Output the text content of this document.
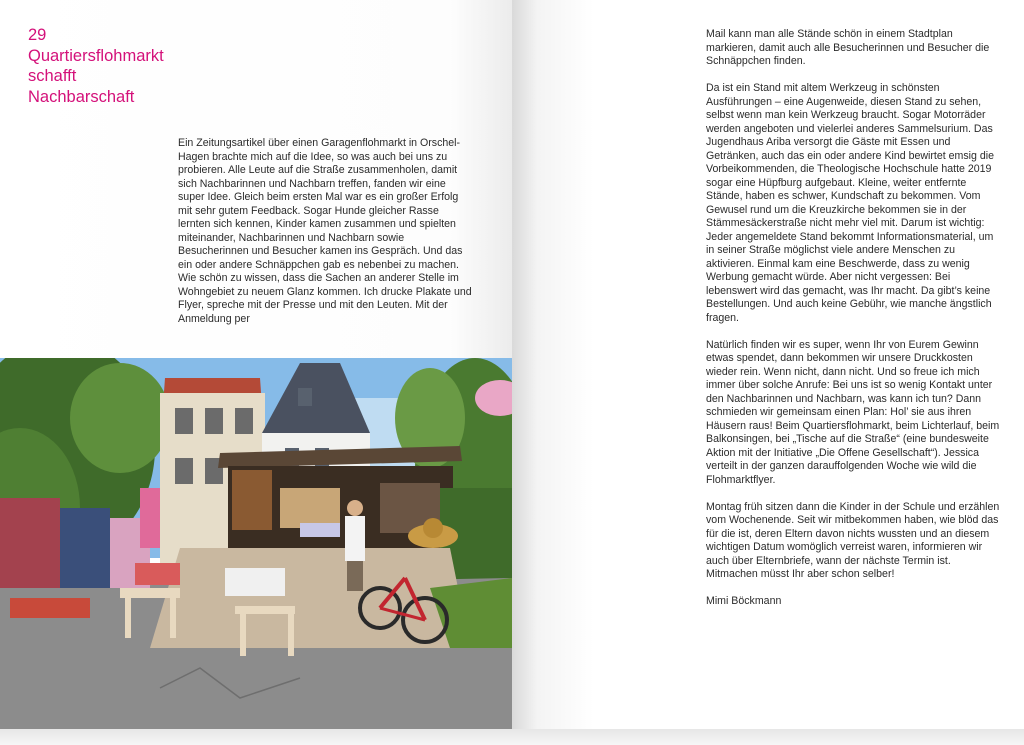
29
Quartiersflohmarkt
schafft
Nachbarschaft

Ein Zeitungsartikel über einen Garagenflohmarkt in Orschel-Hagen brachte mich auf die Idee, so was auch bei uns zu probieren. Alle Leute auf die Straße zusammenholen, damit sich Nachbarinnen und Nachbarn treffen, fanden wir eine super Idee. Gleich beim ersten Mal war es ein großer Erfolg mit sehr gutem Feedback. Sogar Hunde gleicher Rasse lernten sich kennen, Kinder kamen zusammen und spielten miteinander, Nachbarinnen und Nachbarn sowie Besucherinnen und Besucher kamen ins Gespräch. Und das ein oder andere Schnäppchen gab es nebenbei zu machen. Wie schön zu wissen, dass die Sachen an anderer Stelle im Wohngebiet zu neuem Glanz kommen. Ich drucke Plakate und Flyer, spreche mit der Presse und mit den Leuten. Mit der Anmeldung per

Mail kann man alle Stände schön in einem Stadtplan markieren, damit auch alle Besucherinnen und Besucher die Schnäppchen finden.

Da ist ein Stand mit altem Werkzeug in schönsten Ausführungen – eine Augenweide, diesen Stand zu sehen, selbst wenn man kein Werkzeug braucht. Sogar Motorräder werden angeboten und vielerlei anderes Sammelsurium. Das Jugendhaus Ariba versorgt die Gäste mit Essen und Getränken, auch das ein oder andere Kind bewirtet emsig die Vorbeikommenden, die Theologische Hochschule hatte 2019 sogar eine Hüpfburg aufgebaut. Kleine, weiter entfernte Stände, haben es schwer, Kundschaft zu bekommen. Vom Gewusel rund um die Kreuzkirche bekommen sie in der Stämmesäckerstraße nicht mehr viel mit. Darum ist wichtig: Jeder angemeldete Stand bekommt Informationsmaterial, um in seiner Straße möglichst viele andere Menschen zu aktivieren. Einmal kam eine Beschwerde, dass zu wenig Werbung gemacht würde. Aber nicht vergessen: Bei lebenswert wird das gemacht, was Ihr macht. Da gibt’s keine Bestellungen. Und auch keine Gebühr, wie manche ängstlich fragen.

Natürlich finden wir es super, wenn Ihr von Eurem Gewinn etwas spendet, dann bekommen wir unsere Druckkosten wieder rein. Wenn nicht, dann nicht. Und so freue ich mich immer über solche Anrufe: Bei uns ist so wenig Kontakt unter den Nachbarinnen und Nachbarn, was kann ich tun? Dann schmieden wir gemeinsam einen Plan: Hol’ sie aus ihren Häusern raus! Beim Quartiersflohmarkt, beim Lichterlauf, beim Balkonsingen, bei „Tische auf die Straße“ (eine bundesweite Aktion mit der Initiative „Die Offene Gesellschaft“). Jessica verteilt in der ganzen darauffolgenden Woche wie wild die Flohmarktflyer.

Montag früh sitzen dann die Kinder in der Schule und erzählen vom Wochenende. Seit wir mitbekommen haben, wie blöd das für die ist, deren Eltern davon nichts wussten und an diesem wichtigen Datum womöglich verreist waren, informieren wir auch über Elternbriefe, wann der nächste Termin ist. Mitmachen müsst Ihr aber schon selber!

Mimi Böckmann
